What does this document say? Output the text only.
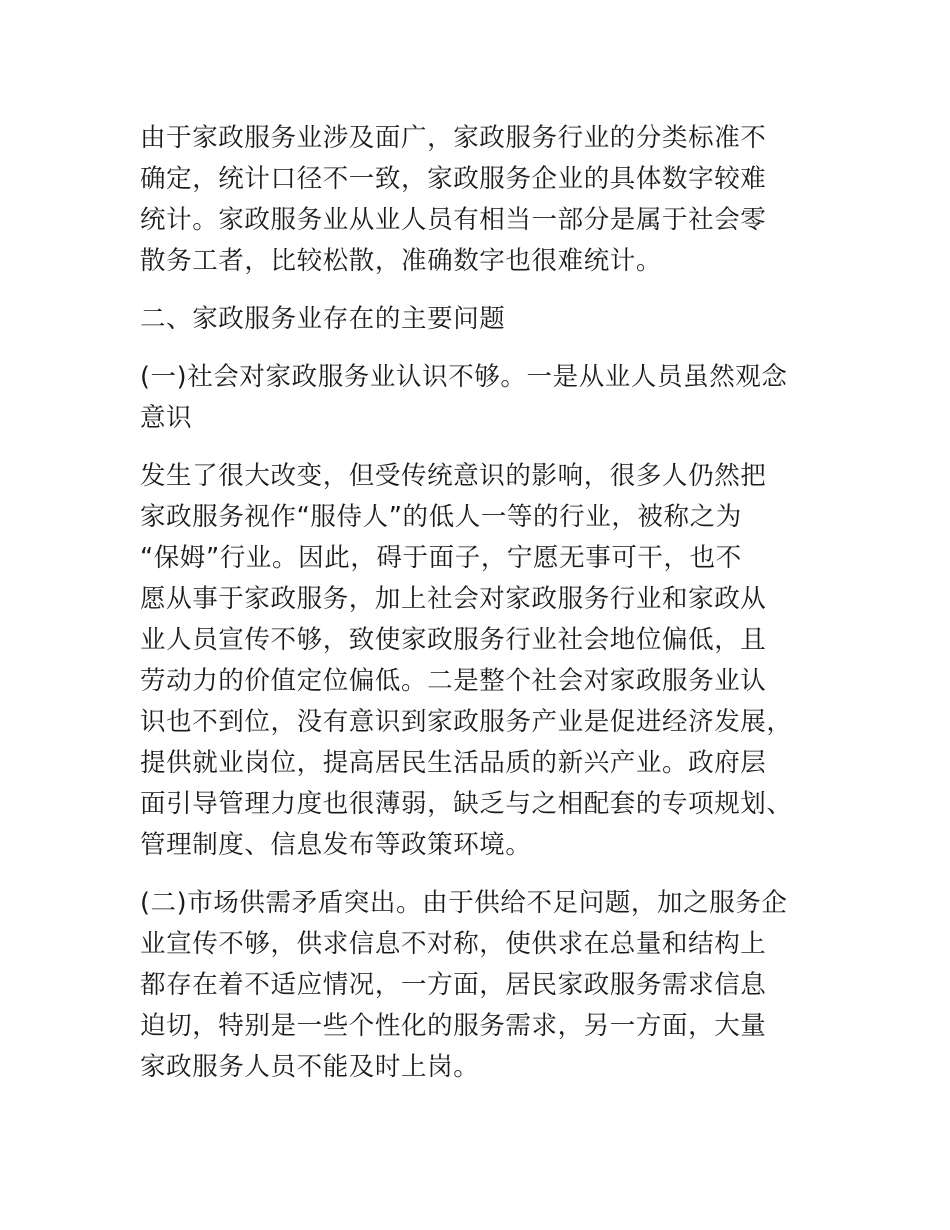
由于家政服务业涉及面广，家政服务行业的分类标准不
确定，统计口径不一致，家政服务企业的具体数字较难
统计。家政服务业从业人员有相当一部分是属于社会零
散务工者，比较松散，准确数字也很难统计。

二、家政服务业存在的主要问题

(一)社会对家政服务业认识不够。一是从业人员虽然观念
意识

发生了很大改变，但受传统意识的影响，很多人仍然把
家政服务视作“服侍人”的低人一等的行业，被称之为
“保姆”行业。因此，碍于面子，宁愿无事可干，也不
愿从事于家政服务，加上社会对家政服务行业和家政从
业人员宣传不够，致使家政服务行业社会地位偏低，且
劳动力的价值定位偏低。二是整个社会对家政服务业认
识也不到位，没有意识到家政服务产业是促进经济发展，
提供就业岗位，提高居民生活品质的新兴产业。政府层
面引导管理力度也很薄弱，缺乏与之相配套的专项规划、
管理制度、信息发布等政策环境。

(二)市场供需矛盾突出。由于供给不足问题，加之服务企
业宣传不够，供求信息不对称，使供求在总量和结构上
都存在着不适应情况，一方面，居民家政服务需求信息
迫切，特别是一些个性化的服务需求，另一方面，大量
家政服务人员不能及时上岗。
